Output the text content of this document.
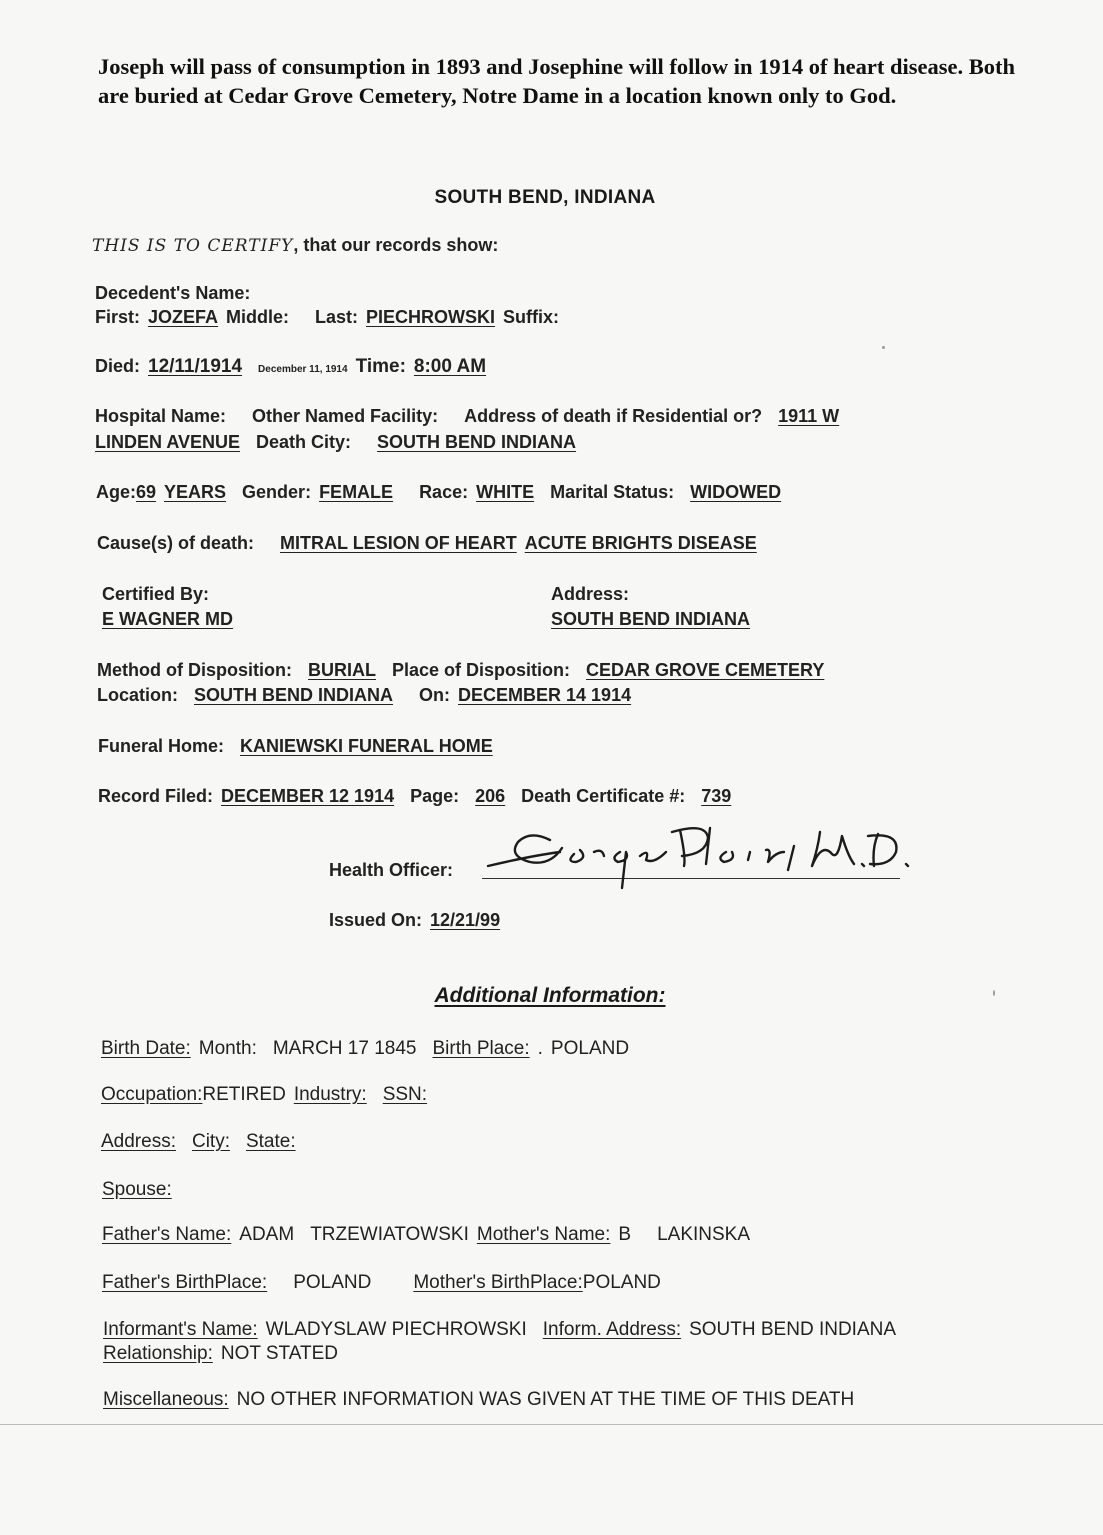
Joseph will pass of consumption in 1893 and Josephine will follow in 1914 of heart disease. Both are buried at Cedar Grove Cemetery, Notre Dame in a location known only to God.
SOUTH BEND, INDIANA
THIS IS TO CERTIFY, that our records show:
Decedent's Name:
First: JOZEFA Middle: Last: PIECHROWSKI Suffix:
Died: 12/11/1914 December 11, 1914 Time: 8:00 AM
Hospital Name: Other Named Facility: Address of death if Residential or? 1911 W
LINDEN AVENUE Death City: SOUTH BEND INDIANA
Age:69 YEARS Gender: FEMALE Race: WHITE Marital Status: WIDOWED
Cause(s) of death: MITRAL LESION OF HEART ACUTE BRIGHTS DISEASE
Certified By:
E WAGNER MD
Address:
SOUTH BEND INDIANA
Method of Disposition: BURIAL Place of Disposition: CEDAR GROVE CEMETERY
Location: SOUTH BEND INDIANA On: DECEMBER 14 1914
Funeral Home: KANIEWSKI FUNERAL HOME
Record Filed: DECEMBER 12 1914 Page: 206 Death Certificate #: 739
Health Officer:
Issued On: 12/21/99
Additional Information:
Birth Date: Month: MARCH 17 1845 Birth Place: . POLAND
Occupation:RETIRED Industry: SSN:
Address: City: State:
Spouse:
Father's Name: ADAM TRZEWIATOWSKI Mother's Name: B LAKINSKA
Father's BirthPlace: POLAND Mother's BirthPlace:POLAND
Informant's Name: WLADYSLAW PIECHROWSKI Inform. Address: SOUTH BEND INDIANA
Relationship: NOT STATED
Miscellaneous: NO OTHER INFORMATION WAS GIVEN AT THE TIME OF THIS DEATH
